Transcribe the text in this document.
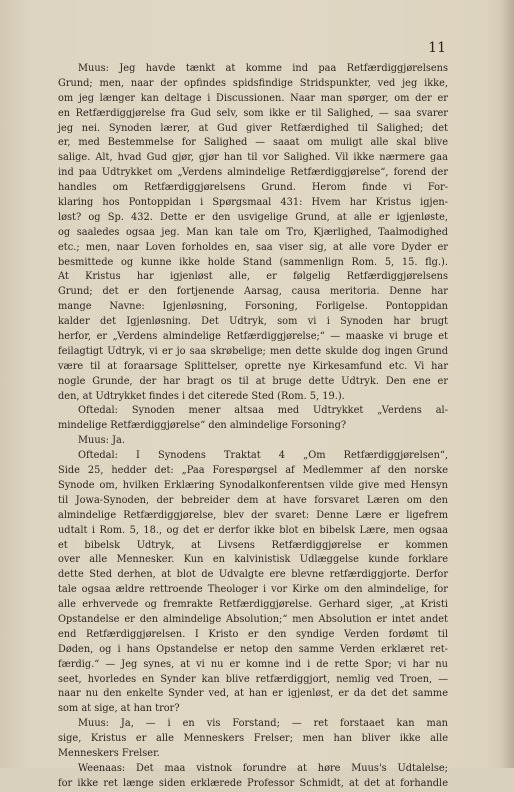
11
Muus: Jeg havde tænkt at komme ind paa Retfærdiggjørelsens
Grund; men, naar der opfindes spidsfindige Stridspunkter, ved jeg ikke,
om jeg længer kan deltage i Discussionen. Naar man spørger, om der er
en Retfærdiggjørelse fra Gud selv, som ikke er til Salighed, — saa svarer
jeg nei. Synoden lærer, at Gud giver Retfærdighed til Salighed; det
er, med Bestemmelse for Salighed — saaat om muligt alle skal blive
salige. Alt, hvad Gud gjør, gjør han til vor Salighed. Vil ikke nærmere gaa
ind paa Udtrykket om „Verdens almindelige Retfærdiggjørelse“, forend der
handles om Retfærdiggjørelsens Grund. Herom finde vi For-
klaring hos Pontoppidan i Spørgsmaal 431: Hvem har Kristus igjen-
løst? og Sp. 432. Dette er den usvigelige Grund, at alle er igjenløste,
og saaledes ogsaa jeg. Man kan tale om Tro, Kjærlighed, Taalmodighed
etc.; men, naar Loven forholdes en, saa viser sig, at alle vore Dyder er
besmittede og kunne ikke holde Stand (sammenlign Rom. 5, 15. flg.).
At Kristus har igjenløst alle, er følgelig Retfærdiggjørelsens
Grund; det er den fortjenende Aarsag, causa meritoria. Denne har
mange Navne: Igjenløsning, Forsoning, Forligelse. Pontoppidan
kalder det Igjenløsning. Det Udtryk, som vi i Synoden har brugt
herfor, er „Verdens almindelige Retfærdiggjørelse;“ — maaske vi bruge et
feilagtigt Udtryk, vi er jo saa skrøbelige; men dette skulde dog ingen Grund
være til at foraarsage Splittelser, oprette nye Kirkesamfund etc. Vi har
nogle Grunde, der har bragt os til at bruge dette Udtryk. Den ene er
den, at Udtrykket findes i det citerede Sted (Rom. 5, 19.).
Oftedal: Synoden mener altsaa med Udtrykket „Verdens al-
mindelige Retfærdiggjørelse“ den almindelige Forsoning?
Muus: Ja.
Oftedal: I Synodens Traktat 4 „Om Retfærdiggjørelsen“,
Side 25, hedder det: „Paa Forespørgsel af Medlemmer af den norske
Synode om, hvilken Erklæring Synodalkonferentsen vilde give med Hensyn
til Jowa-Synoden, der bebreider dem at have forsvaret Læren om den
almindelige Retfærdiggjørelse, blev der svaret: Denne Lære er ligefrem
udtalt i Rom. 5, 18., og det er derfor ikke blot en bibelsk Lære, men ogsaa
et bibelsk Udtryk, at Livsens Retfærdiggjørelse er kommen
over alle Mennesker. Kun en kalvinistisk Udlæggelse kunde forklare
dette Sted derhen, at blot de Udvalgte ere blevne retfærdiggjorte. Derfor
tale ogsaa ældre rettroende Theologer i vor Kirke om den almindelige, for
alle erhvervede og fremrakte Retfærdiggjørelse. Gerhard siger, „at Kristi
Opstandelse er den almindelige Absolution;“ men Absolution er intet andet
end Retfærdiggjørelsen. I Kristo er den syndige Verden fordømt til
Døden, og i hans Opstandelse er netop den samme Verden erklæret ret-
færdig.“ — Jeg synes, at vi nu er komne ind i de rette Spor; vi har nu
seet, hvorledes en Synder kan blive retfærdiggjort, nemlig ved Troen, —
naar nu den enkelte Synder ved, at han er igjenløst, er da det det samme
som at sige, at han tror?
Muus: Ja, — i en vis Forstand; — ret forstaaet kan man
sige, Kristus er alle Menneskers Frelser; men han bliver ikke alle
Menneskers Frelser.
Weenaas: Det maa vistnok forundre at høre Muus's Udtalelse;
for ikke ret længe siden erklærede Professor Schmidt, at det at forhandle
